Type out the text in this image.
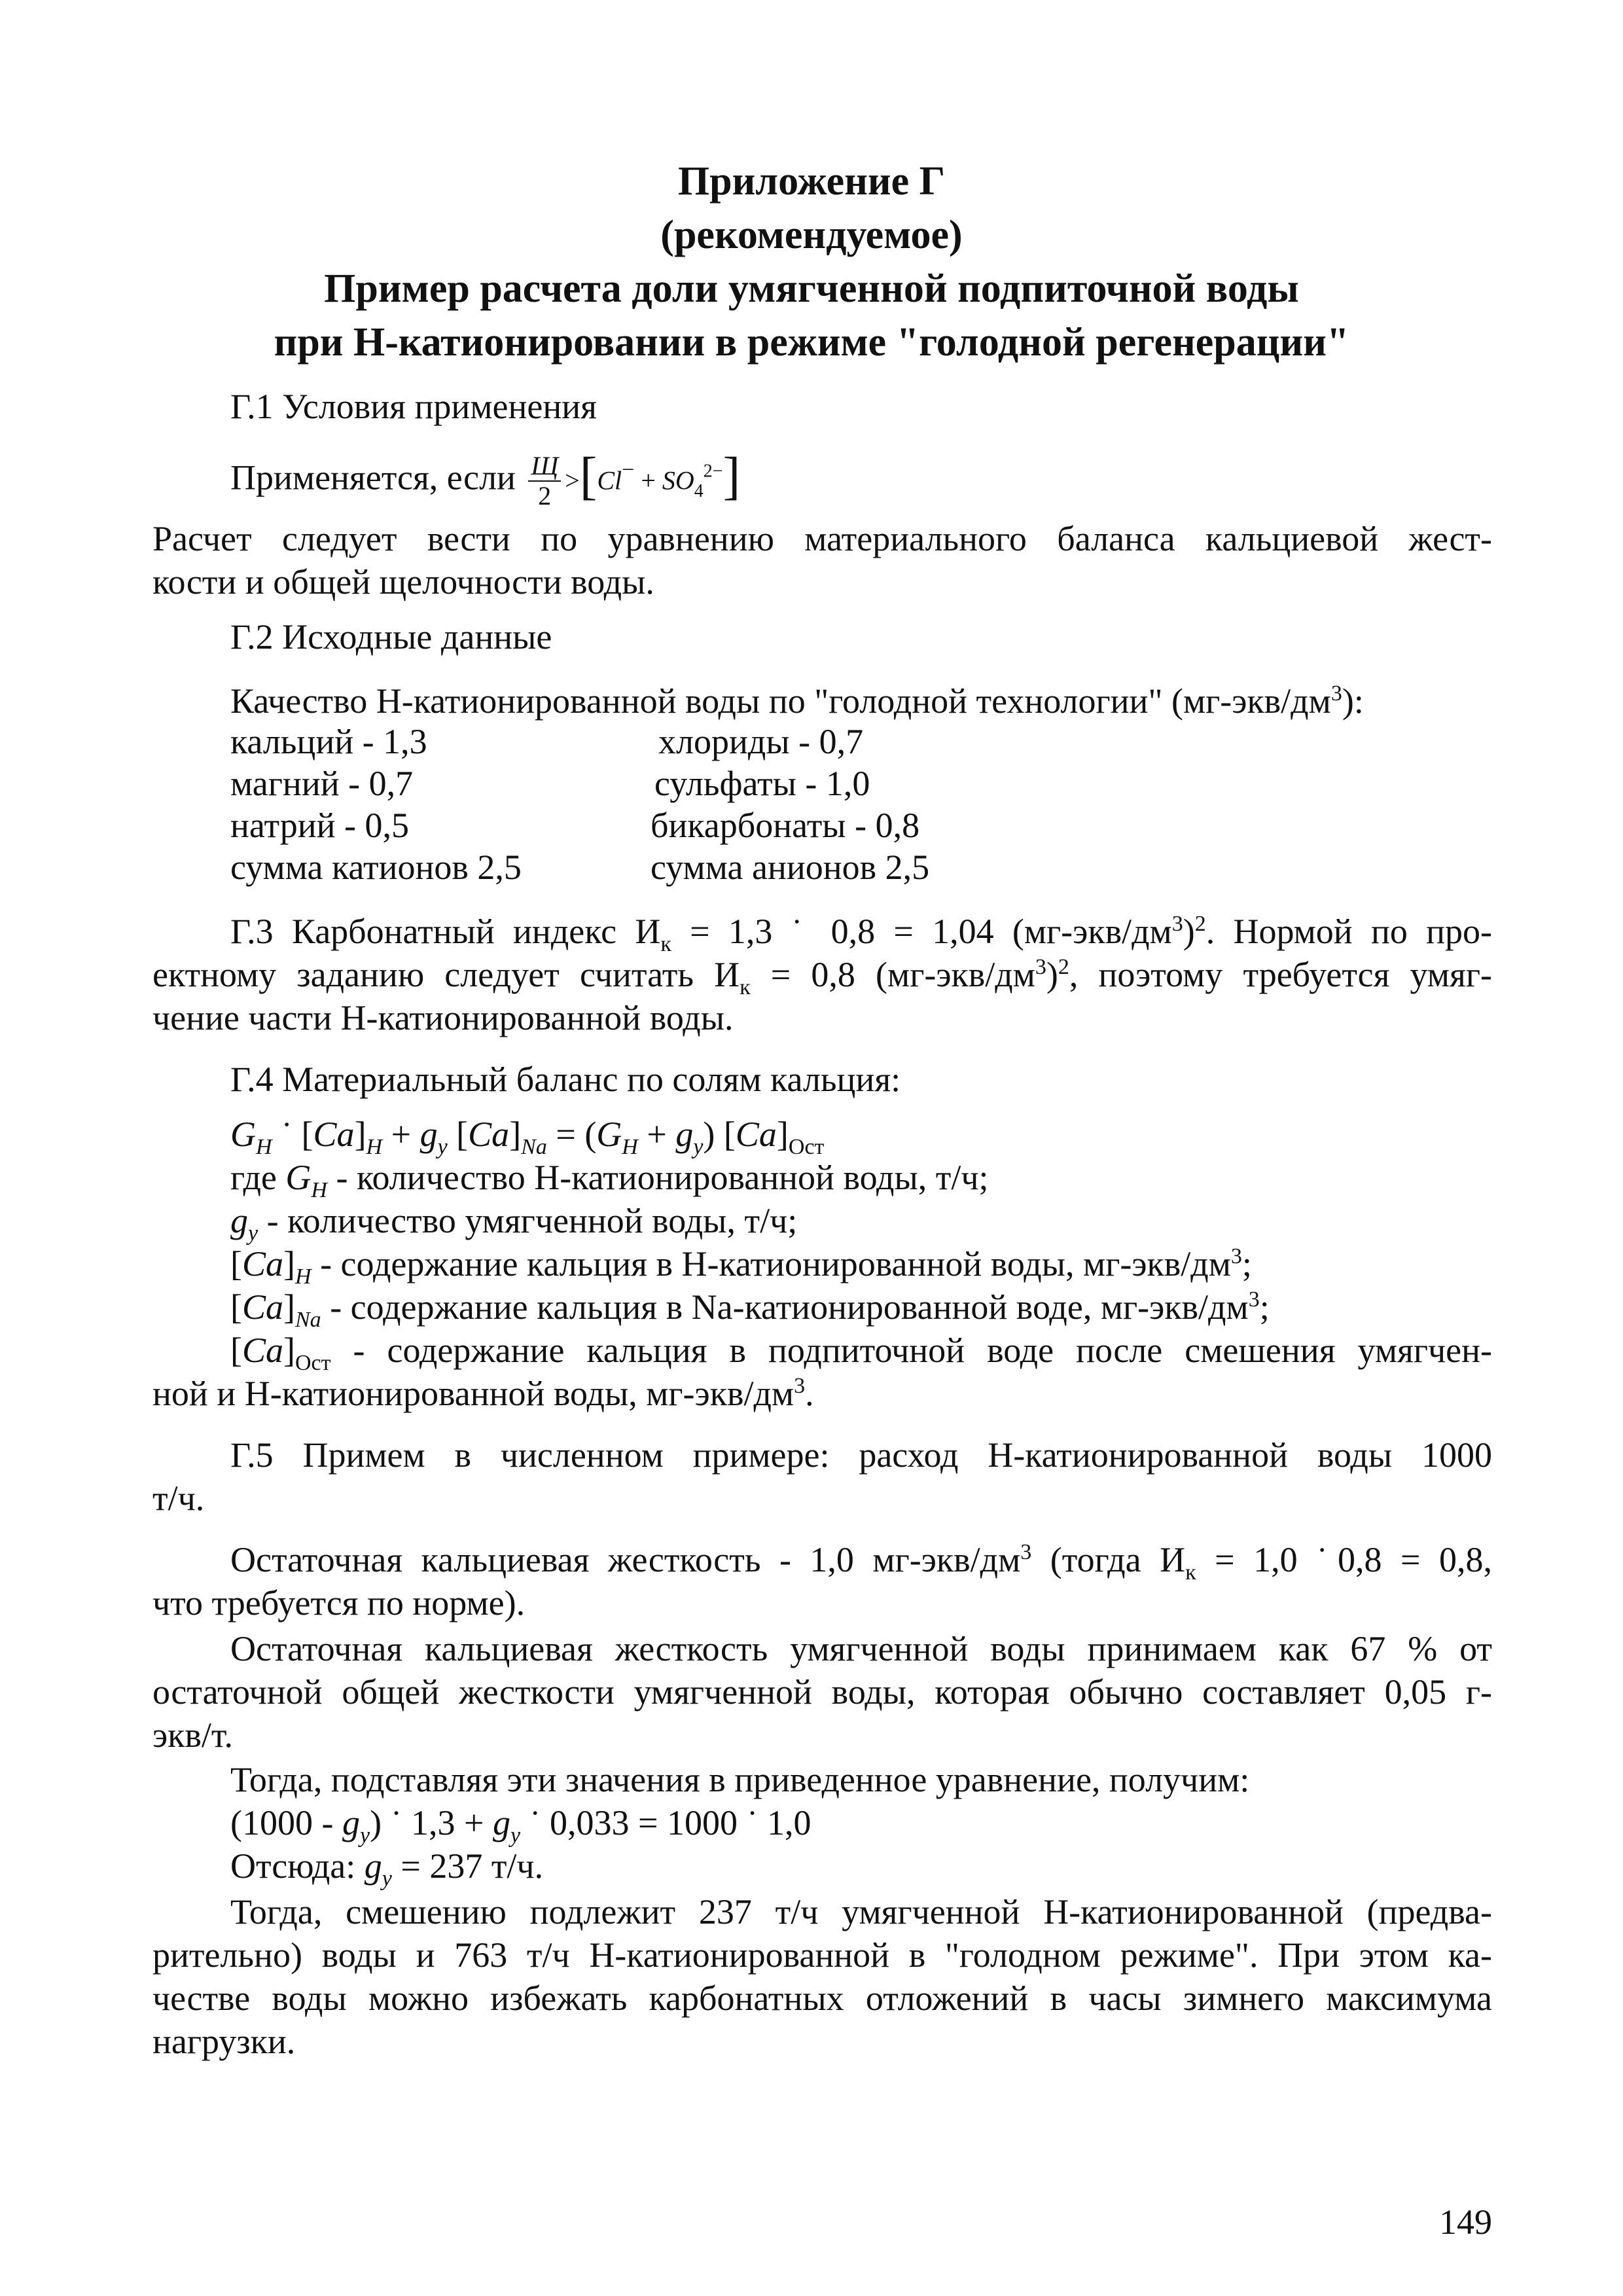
Приложение Г
(рекомендуемое)
Пример расчета доли умягченной подпиточной воды
при Н-катионировании в режиме "голодной регенерации"
Г.1 Условия применения
Применяется, если $\frac{Щ}{2} >[Cl^- + SO_4^{2-}]$
Расчет следует вести по уравнению материального баланса кальциевой жест-
кости и общей щелочности воды.
Г.2 Исходные данные
Качество Н-катионированной воды по "голодной технологии" $(мг-экв/дм^3)$:
кальций - 1,3
магний - 0,7
натрий - 0,5
сумма катионов 2,5
хлориды - 0,7
сульфаты - 1,0
бикарбонаты - 0,8
сумма анионов 2,5
Г.3 Карбонатный индекс $И_к = 1,3$ ˙ 0,8 = 1,04 $(мг-экв/дм^3)^2$. Нормой по про-
ектному заданию следует считать $И_к = 0,8$ $(мг-экв/дм^3)^2$, поэтому требуется умяг-
чение части Н-катионированной воды.
Г.4 Материальный баланс по солям кальция:
$G_H$ ˙ $[Ca]_H + g_y$ $[Ca]_{Na} = (G_H + g_y)$ $[Ca]_{Ост}$
где $G_H$ - количество Н-катионированной воды, т/ч;
$g_y$ - количество умягченной воды, т/ч;
$[Ca]_H$ - содержание кальция в Н-катионированной воды, $мг-экв/дм^3$;
$[Ca]_{Na}$ - содержание кальция в Na-катионированной воде, $мг-экв/дм^3$;
$[Ca]_{Ост}$ - содержание кальция в подпиточной воде после смешения умягчен-
ной и Н-катионированной воды, $мг-экв/дм^3$.
Г.5 Примем в численном примере: расход Н-катионированной воды 1000
т/ч.
Остаточная кальциевая жесткость - 1,0 $мг-экв/дм^3$ (тогда $И_к = 1,0$ ˙0,8 = 0,8,
что требуется по норме).
Остаточная кальциевая жесткость умягченной воды принимаем как 67 % от
остаточной общей жесткости умягченной воды, которая обычно составляет 0,05 г-
экв/т.
Тогда, подставляя эти значения в приведенное уравнение, получим:
$(1000 - g_y)$ ˙ $1,3 + g_y$ ˙ 0,033 = 1000 ˙ 1,0
Отсюда: $g_y = 237$ т/ч.
Тогда, смешению подлежит 237 т/ч умягченной Н-катионированной (предва-
рительно) воды и 763 т/ч Н-катионированной в "голодном режиме". При этом ка-
честве воды можно избежать карбонатных отложений в часы зимнего максимума
нагрузки.
149
